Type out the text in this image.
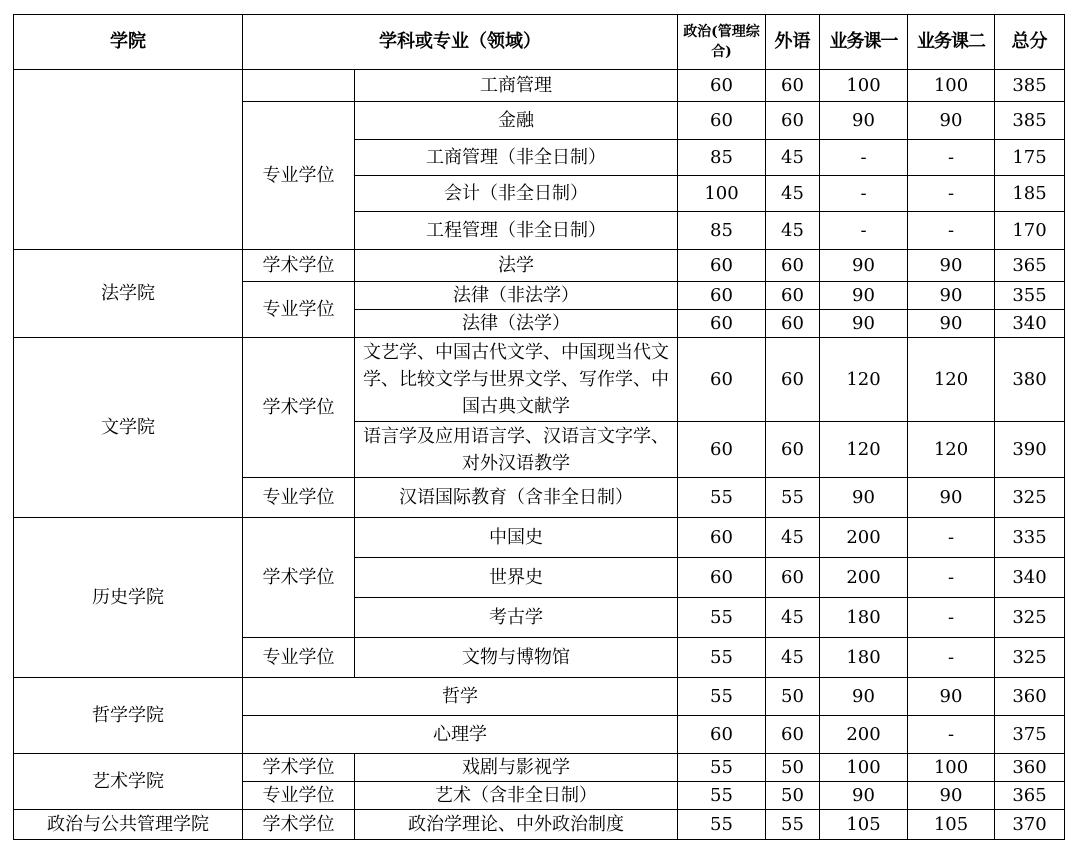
学院	学科或专业（领域）		政治(管理综合)	外语	业务课一	业务课二	总分
		工商管理	60	60	100	100	385
	专业学位	金融	60	60	90	90	385
		工商管理（非全日制）	85	45	-	-	175
		会计（非全日制）	100	45	-	-	185
		工程管理（非全日制）	85	45	-	-	170
法学院	学术学位	法学	60	60	90	90	365
	专业学位	法律（非法学）	60	60	90	90	355
		法律（法学）	60	60	90	90	340
文学院	学术学位	文艺学、中国古代文学、中国现当代文学、比较文学与世界文学、写作学、中国古典文献学	60	60	120	120	380
		语言学及应用语言学、汉语言文字学、对外汉语教学	60	60	120	120	390
	专业学位	汉语国际教育（含非全日制）	55	55	90	90	325
历史学院	学术学位	中国史	60	45	200	-	335
		世界史	60	60	200	-	340
		考古学	55	45	180	-	325
	专业学位	文物与博物馆	55	45	180	-	325
哲学学院	哲学		55	50	90	90	360
	心理学		60	60	200	-	375
艺术学院	学术学位	戏剧与影视学	55	50	100	100	360
	专业学位	艺术（含非全日制）	55	50	90	90	365
政治与公共管理学院	学术学位	政治学理论、中外政治制度	55	55	105	105	370
